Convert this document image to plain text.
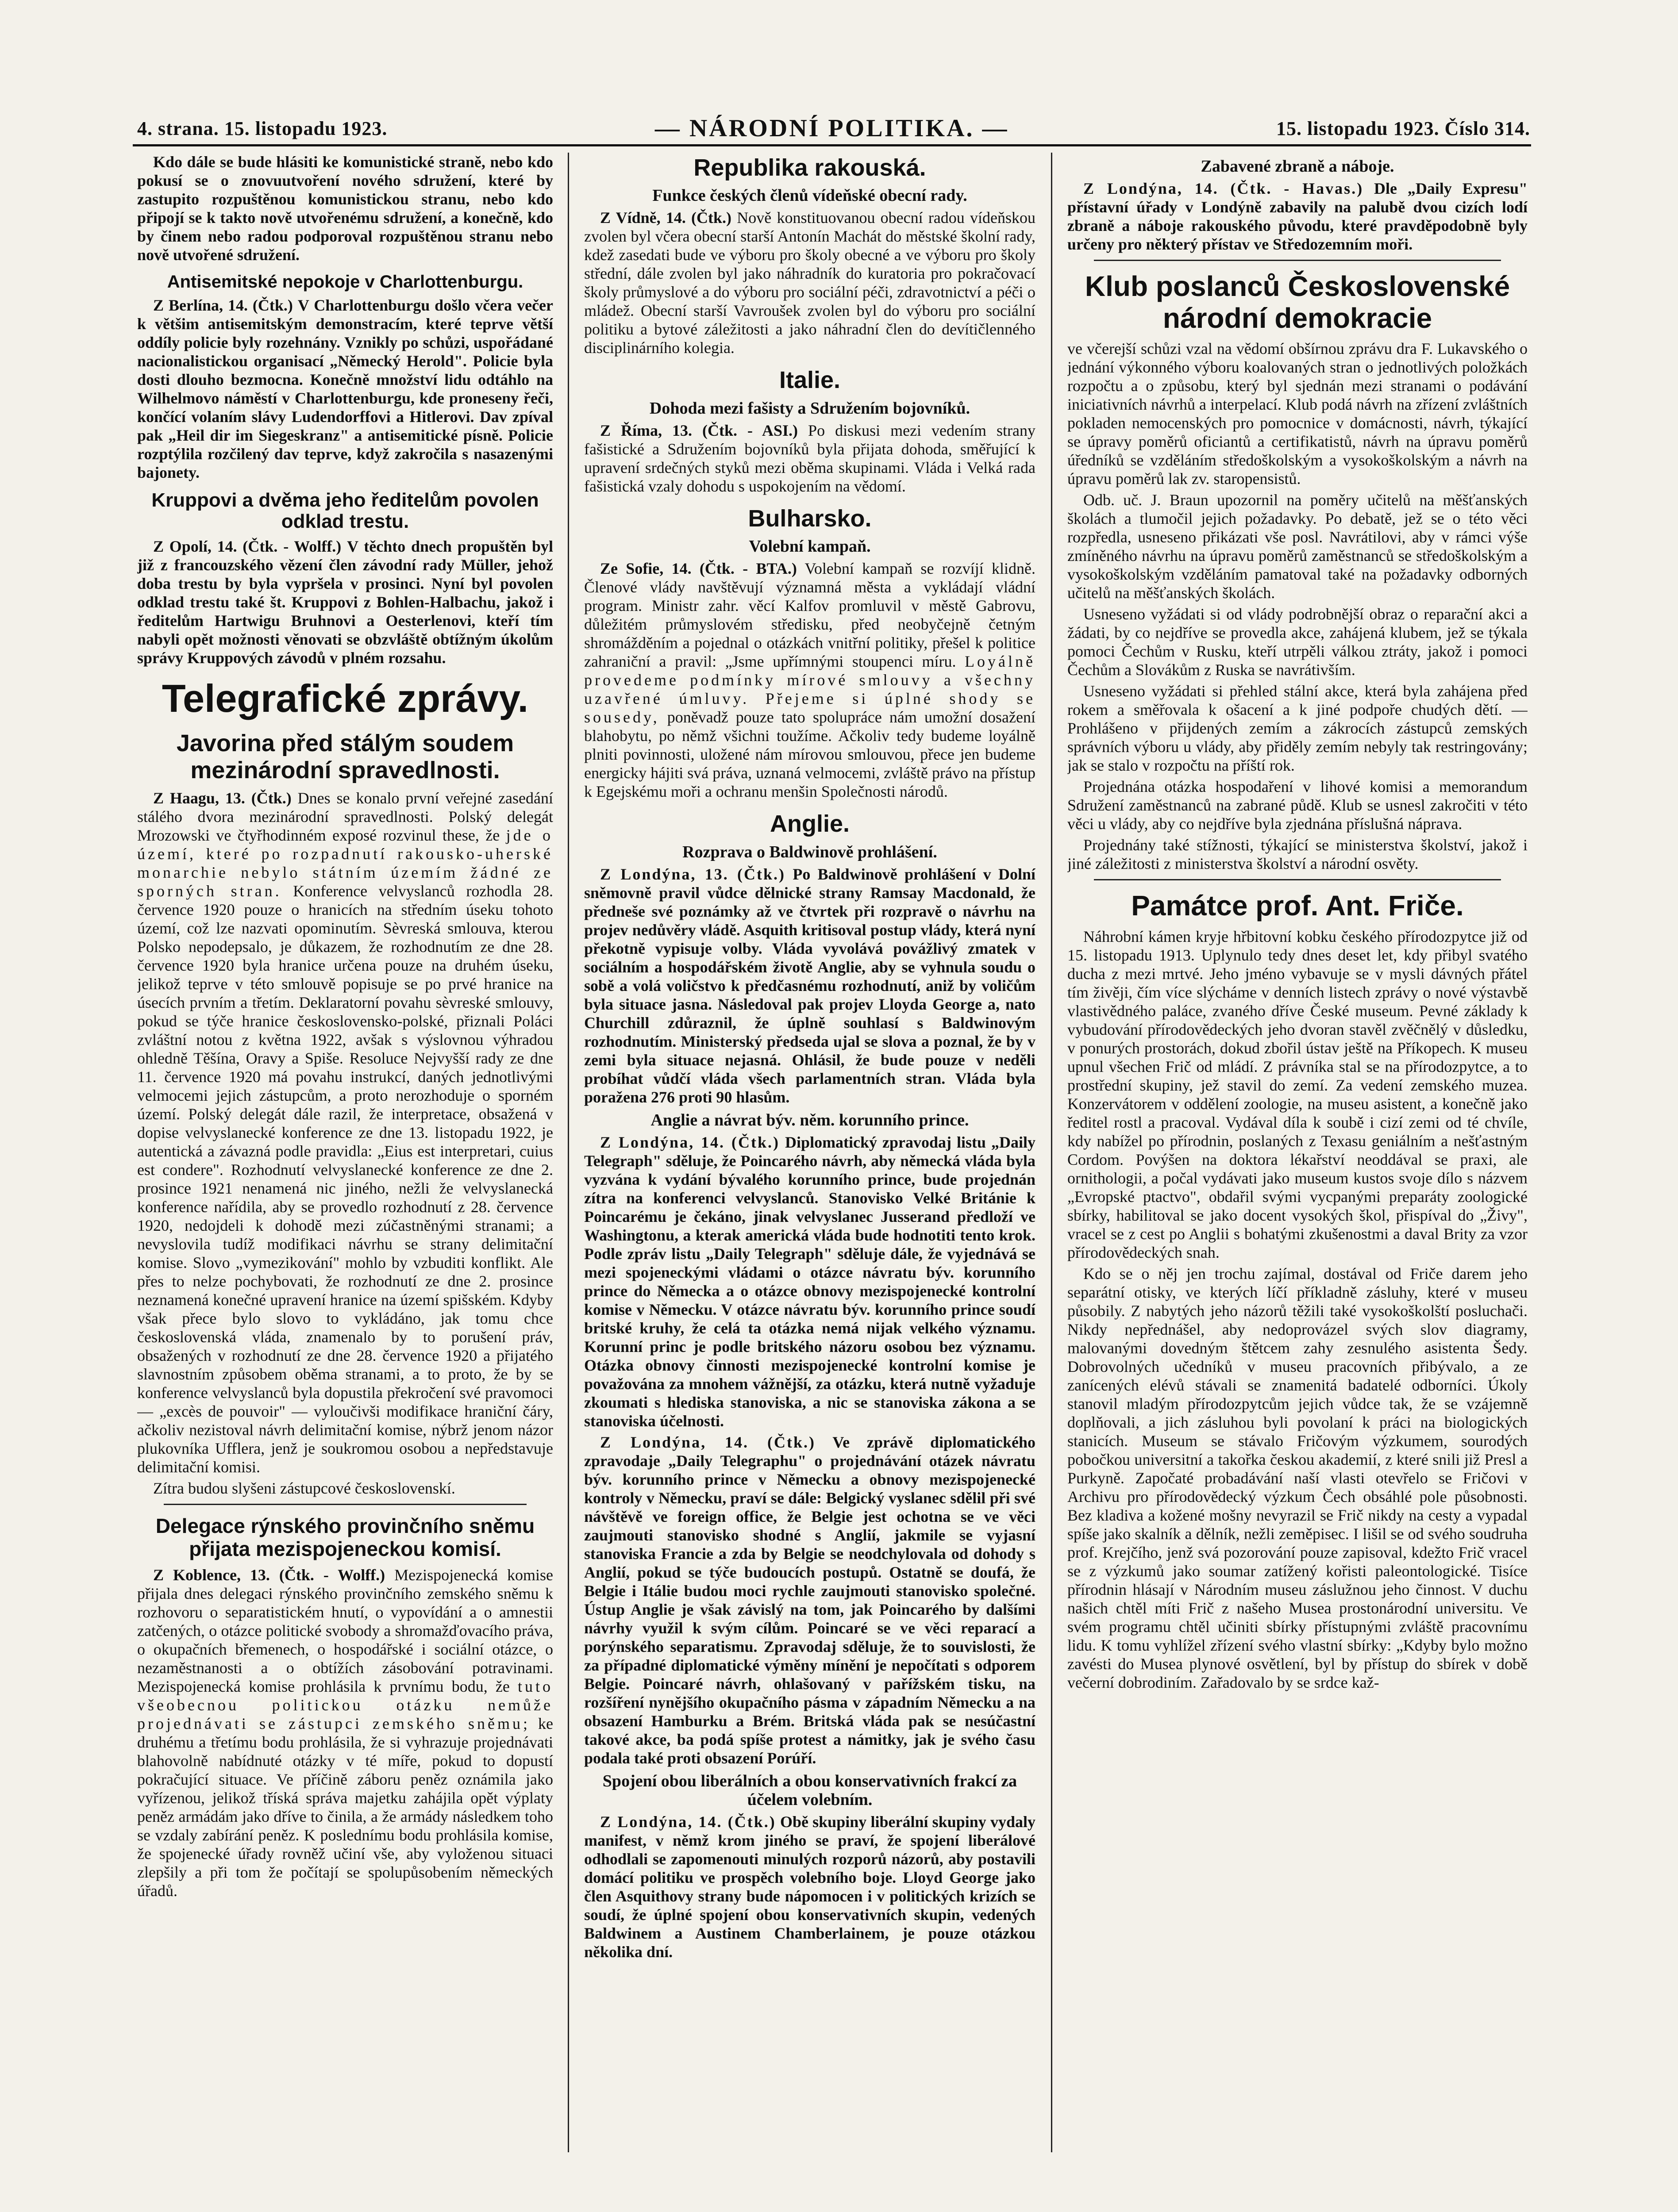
4. strana. 15. listopadu 1923.	— NÁRODNÍ POLITIKA. —	15. listopadu 1923. Číslo 314.

Kdo dále se bude hlásiti ke komunistické straně, nebo kdo pokusí se o znovuutvoření nového sdružení, které by zastupito rozpuštěnou komunistickou stranu, nebo kdo připojí se k takto nově utvořenému sdružení, a konečně, kdo by činem nebo radou podporoval rozpuštěnou stranu nebo nově utvořené sdružení.

Antisemitské nepokoje v Charlottenburgu.

Z Berlína, 14. (Čtk.) V Charlottenburgu došlo včera večer k většim antisemitským demonstracím, které teprve větší oddíly policie byly rozehnány. Vznikly po schůzi, uspořádané nacionalistickou organisací „Německý Herold". Policie byla dosti dlouho bezmocna. Konečně množství lidu odtáhlo na Wilhelmovo náměstí v Charlottenburgu, kde proneseny řeči, končící volaním slávy Ludendorffovi a Hitlerovi. Dav zpíval pak „Heil dir im Siegeskranz" a antisemitické písně. Policie rozptýlila rozčilený dav teprve, když zakročila s nasazenými bajonety.

Kruppovi a dvěma jeho ředitelům povolen odklad trestu.

Z Opolí, 14. (Čtk. - Wolff.) V těchto dnech propuštěn byl již z francouzského vězení člen závodní rady Müller, jehož doba trestu by byla vypršela v prosinci. Nyní byl povolen odklad trestu také št. Kruppovi z Bohlen-Halbachu, jakož i ředitelům Hartwigu Bruhnovi a Oesterlenovi, kteří tím nabyli opět možnosti věnovati se obzvláště obtížným úkolům správy Kruppových závodů v plném rozsahu.

Telegrafické zprávy.
Javorina před stálým soudem mezinárodní spravedlnosti.

Z Haagu, 13. (Čtk.) Dnes se konalo první veřejné zasedání stálého dvora mezinárodní spravedlnosti. Polský delegát Mrozowski ve čtyřhodinném exposé rozvinul these, že jde o území, které po rozpadnutí rakousko-uherské monarchie nebylo státním územím žádné ze sporných stran. Konference velvyslanců rozhodla 28. července 1920 pouze o hranicích na středním úseku tohoto území, což lze nazvati opominutím. Sèvreská smlouva, kterou Polsko nepodepsalo, je důkazem, že rozhodnutím ze dne 28. července 1920 byla hranice určena pouze na druhém úseku, jelikož teprve v této smlouvě popisuje se po prvé hranice na úsecích prvním a třetím. Deklaratorní povahu sèvreské smlouvy, pokud se týče hranice československo-polské, přiznali Poláci zvláštní notou z května 1922, avšak s výslovnou výhradou ohledně Těšína, Oravy a Spiše. Resoluce Nejvyšší rady ze dne 11. července 1920 má povahu instrukcí, daných jednotlivými velmocemi jejich zástupcům, a proto nerozhoduje o sporném území. Polský delegát dále razil, že interpretace, obsažená v dopise velvyslanecké konference ze dne 13. listopadu 1922, je autentická a závazná podle pravidla: „Eius est interpretari, cuius est condere". Rozhodnutí velvyslanecké konference ze dne 2. prosince 1921 nenamená nic jiného, nežli že velvyslanecká konference nařídila, aby se provedlo rozhodnutí z 28. července 1920, nedojdeli k dohodě mezi zúčastněnými stranami; a nevyslovila tudíž modifikaci návrhu se strany delimitační komise. Slovo „vymezikování" mohlo by vzbuditi konflikt. Ale přes to nelze pochybovati, že rozhodnutí ze dne 2. prosince neznamená konečné upravení hranice na území spišském. Kdyby však přece bylo slovo to vykládáno, jak tomu chce československá vláda, znamenalo by to porušení práv, obsažených v rozhodnutí ze dne 28. července 1920 a přijatého slavnostním způsobem oběma stranami, a to proto, že by se konference velvyslanců byla dopustila překročení své pravomoci — „excès de pouvoir" — vyloučivši modifikace hraniční čáry, ačkoliv nezistoval návrh delimitační komise, nýbrž jenom názor plukovníka Ufflera, jenž je soukromou osobou a nepředstavuje delimitační komisi.

Zítra budou slyšeni zástupcové československí.

Delegace rýnského provinčního sněmu přijata mezispojeneckou komisí.

Z Koblence, 13. (Čtk. - Wolff.) Mezispojenecká komise přijala dnes delegaci rýnského provinčního zemského sněmu k rozhovoru o separatistickém hnutí, o vypovídání a o amnestii zatčených, o otázce politické svobody a shromažďovacího práva, o okupačních břemenech, o hospodářské i sociální otázce, o nezaměstnanosti a o obtížích zásobování potravinami. Mezispojenecká komise prohlásila k prvnímu bodu, že tuto všeobecnou politickou otázku nemůže projednávati se zástupci zemského sněmu; ke druhému a třetímu bodu prohlásila, že si vyhrazuje projednávati blahovolně nabídnuté otázky v té míře, pokud to dopustí pokračující situace. Ve příčině záboru peněz oznámila jako vyřízenou, jelikož tříská správa majetku zahájila opět výplaty peněz armádám jako dříve to činila, a že armády následkem toho se vzdaly zabírání peněz. K poslednímu bodu prohlásila komise, že spojenecké úřady rovněž učiní vše, aby vyloženou situaci zlepšily a při tom že počítají se spolupůsobením německých úřadů.

Republika rakouská.
Funkce českých členů vídeňské obecní rady.

Z Vídně, 14. (Čtk.) Nově konstituovanou obecní radou vídeňskou zvolen byl včera obecní starší Antonín Machát do městské školní rady, kdež zasedati bude ve výboru pro školy obecné a ve výboru pro školy střední, dále zvolen byl jako náhradník do kuratoria pro pokračovací školy průmyslové a do výboru pro sociální péči, zdravotnictví a péči o mládež. Obecní starší Vavroušek zvolen byl do výboru pro sociální politiku a bytové záležitosti a jako náhradní člen do devítičlenného disciplinárního kolegia.

Italie.
Dohoda mezi fašisty a Sdružením bojovníků.

Z Říma, 13. (Čtk. - ASI.) Po diskusi mezi vedením strany fašistické a Sdružením bojovníků byla přijata dohoda, směřující k upravení srdečných styků mezi oběma skupinami. Vláda i Velká rada fašistická vzaly dohodu s uspokojením na vědomí.

Bulharsko.
Volební kampaň.

Ze Sofie, 14. (Čtk. - BTA.) Volební kampaň se rozvíjí klidně. Členové vlády navštěvují významná města a vykládají vládní program. Ministr zahr. věcí Kalfov promluvil v městě Gabrovu, důležitém průmyslovém středisku, před neobyčejně četným shromážděním a pojednal o otázkách vnitřní politiky, přešel k politice zahraniční a pravil: „Jsme upřímnými stoupenci míru. Loyálně provedeme podmínky mírové smlouvy a všechny uzavřené úmluvy. Přejeme si úplné shody se sousedy, poněvadž pouze tato spolupráce nám umožní dosažení blahobytu, po němž všichni toužíme. Ačkoliv tedy budeme loyálně plniti povinnosti, uložené nám mírovou smlouvou, přece jen budeme energicky hájiti svá práva, uznaná velmocemi, zvláště právo na přístup k Egejskému moři a ochranu menšin Společnosti národů.

Anglie.
Rozprava o Baldwinově prohlášení.

Z Londýna, 13. (Čtk.) Po Baldwinově prohlášení v Dolní sněmovně pravil vůdce dělnické strany Ramsay Macdonald, že předneše své poznámky až ve čtvrtek při rozpravě o návrhu na projev nedůvěry vládě. Asquith kritisoval postup vlády, která nyní překotně vypisuje volby. Vláda vyvolává povážlivý zmatek v sociálním a hospodářském životě Anglie, aby se vyhnula soudu o sobě a volá voličstvo k předčasnému rozhodnutí, aniž by voličům byla situace jasna. Následoval pak projev Lloyda George a, nato Churchill zdůraznil, že úplně souhlasí s Baldwinovým rozhodnutím. Ministerský předseda ujal se slova a poznal, že by v zemi byla situace nejasná. Ohlásil, že bude pouze v neděli probíhat vůdčí vláda všech parlamentních stran. Vláda byla poražena 276 proti 90 hlasům.

Anglie a návrat býv. něm. korunního prince.

Z Londýna, 14. (Čtk.) Diplomatický zpravodaj listu „Daily Telegraph" sděluje, že Poincarého návrh, aby německá vláda byla vyzvána k vydání bývalého korunního prince, bude projednán zítra na konferenci velvyslanců. Stanovisko Velké Británie k Poincarému je čekáno, jinak velvyslanec Jusserand předloží ve Washingtonu, a kterak americká vláda bude hodnotiti tento krok. Podle zpráv listu „Daily Telegraph" sděluje dále, že vyjednává se mezi spojeneckými vládami o otázce návratu býv. korunního prince do Německa a o otázce obnovy mezispojenecké kontrolní komise v Německu. V otázce návratu býv. korunního prince soudí britské kruhy, že celá ta otázka nemá nijak velkého významu. Korunní princ je podle britského názoru osobou bez významu. Otázka obnovy činnosti mezispojenecké kontrolní komise je považována za mnohem vážnější, za otázku, která nutně vyžaduje zkoumati s hlediska stanoviska, a nic se stanoviska zákona a se stanoviska účelnosti.

Z Londýna, 14. (Čtk.) Ve zprávě diplomatického zpravodaje „Daily Telegraphu" o projednávání otázek návratu býv. korunního prince v Německu a obnovy mezispojenecké kontroly v Německu, praví se dále: Belgický vyslanec sdělil při své návštěvě ve foreign office, že Belgie jest ochotna se ve věci zaujmouti stanovisko shodné s Anglií, jakmile se vyjasní stanoviska Francie a zda by Belgie se neodchylovala od dohody s Anglií, pokud se týče budoucích postupů. Ostatně se doufá, že Belgie i Itálie budou moci rychle zaujmouti stanovisko společné. Ústup Anglie je však závislý na tom, jak Poincarého by dalšími návrhy využil k svým cílům. Poincaré se ve věci reparací a porýnského separatismu. Zpravodaj sděluje, že to souvislosti, že za případné diplomatické výměny mínění je nepočítati s odporem Belgie. Poincaré návrh, ohlašovaný v pařížském tisku, na rozšíření nynějšího okupačního pásma v západním Německu a na obsazení Hamburku a Brém. Britská vláda pak se nesúčastní takové akce, ba podá spíše protest a námitky, jak je svého času podala také proti obsazení Porúří.

Spojení obou liberálních a obou konservativních frakcí za účelem volebním.

Z Londýna, 14. (Čtk.) Obě skupiny liberální skupiny vydaly manifest, v němž krom jiného se praví, že spojení liberálové odhodlali se zapomenouti minulých rozporů názorů, aby postavili domácí politiku ve prospěch volebního boje. Lloyd George jako člen Asquithovy strany bude nápomocen i v politických krizích se soudí, že úplné spojení obou konservativních skupin, vedených Baldwinem a Austinem Chamberlainem, je pouze otázkou několika dní.

Zabavené zbraně a náboje.

Z Londýna, 14. (Čtk. - Havas.) Dle „Daily Expresu" přístavní úřady v Londýně zabavily na palubě dvou cizích lodí zbraně a náboje rakouského původu, které pravděpodobně byly určeny pro některý přístav ve Středozemním moři.

Klub poslanců Československé národní demokracie

ve včerejší schůzi vzal na vědomí obšírnou zprávu dra F. Lukavského o jednání výkonného výboru koalovaných stran o jednotlivých položkách rozpočtu a o způsobu, který byl sjednán mezi stranami o podávání iniciativních návrhů a interpelací. Klub podá návrh na zřízení zvláštních pokladen nemocenských pro pomocnice v domácnosti, návrh, týkající se úpravy poměrů oficiantů a certifikatistů, návrh na úpravu poměrů úředníků se vzděláním středoškolským a vysokoškolským a návrh na úpravu poměrů lak zv. staropensistů.

Odb. uč. J. Braun upozornil na poměry učitelů na měšťanských školách a tlumočil jejich požadavky. Po debatě, jež se o této věci rozpředla, usneseno přikázati vše posl. Navrátilovi, aby v rámci výše zmíněného návrhu na úpravu poměrů zaměstnanců se středoškolským a vysokoškolským vzděláním pamatoval také na požadavky odborných učitelů na měšťanských školách.

Usneseno vyžádati si od vlády podrobnější obraz o reparační akci a žádati, by co nejdříve se provedla akce, zahájená klubem, jež se týkala pomoci Čechům v Rusku, kteří utrpěli válkou ztráty, jakož i pomoci Čechům a Slovákům z Ruska se navrátivším.

Usneseno vyžádati si přehled stální akce, která byla zahájena před rokem a směřovala k ošacení a k jiné podpoře chudých dětí. — Prohlášeno v přijdených zemím a zákrocích zástupců zemských správních výboru u vlády, aby přiděly zemím nebyly tak restringovány; jak se stalo v rozpočtu na příští rok.

Projednána otázka hospodaření v lihové komisi a memorandum Sdružení zaměstnanců na zabrané půdě. Klub se usnesl zakročiti v této věci u vlády, aby co nejdříve byla zjednána příslušná náprava.

Projednány také stížnosti, týkající se ministerstva školství, jakož i jiné záležitosti z ministerstva školství a národní osvěty.

Památce prof. Ant. Friče.

Náhrobní kámen kryje hřbitovní kobku českého přírodozpytce již od 15. listopadu 1913. Uplynulo tedy dnes deset let, kdy přibyl svatého ducha z mezi mrtvé. Jeho jméno vybavuje se v mysli dávných přátel tím živěji, čím více slýcháme v denních listech zprávy o nové výstavbě vlastivědného paláce, zvaného dříve České museum. Pevné základy k vybudování přírodovědeckých jeho dvoran stavěl zvěčnělý v důsledku, v ponurých prostorách, dokud zbořil ústav ještě na Příkopech. K museu upnul všechen Frič od mládí. Z právníka stal se na přírodozpytce, a to prostřední skupiny, jež stavil do zemí. Za vedení zemského muzea. Konzervátorem v oddělení zoologie, na museu asistent, a konečně jako ředitel rostl a pracoval. Vydával díla k soubě i cizí zemi od té chvíle, kdy nabížel po přírodnin, poslaných z Texasu geniálním a nešťastným Cordom. Povýšen na doktora lékařství neoddával se praxi, ale ornithologii, a počal vydávati jako museum kustos svoje dílo s názvem „Evropské ptactvo", obdařil svými vycpanými preparáty zoologické sbírky, habilitoval se jako docent vysokých škol, přispíval do „Živy", vracel se z cest po Anglii s bohatými zkušenostmi a daval Brity za vzor přírodovědeckých snah.

Kdo se o něj jen trochu zajímal, dostával od Friče darem jeho separátní otisky, ve kterých líčí příkladně zásluhy, které v museu působily. Z nabytých jeho názorů těžili také vysokoškolští posluchači. Nikdy nepřednášel, aby nedoprovázel svých slov diagramy, malovanými dovedným štětcem zahy zesnulého asistenta Šedy. Dobrovolných učedníků v museu pracovních přibývalo, a ze zanícených elévů stávali se znamenitá badatelé odborníci. Úkoly stanovil mladým přírodozpytcům jejich vůdce tak, že se vzájemně doplňovali, a jich zásluhou byli povolaní k práci na biologických stanicích. Museum se stávalo Fričovým výzkumem, sourodých pobočkou universitní a takořka českou akademií, z které snili již Presl a Purkyně. Započaté probadávání naší vlasti otevřelo se Fričovi v Archivu pro přírodovědecký výzkum Čech obsáhlé pole působnosti. Bez kladiva a kožené mošny nevyrazil se Frič nikdy na cesty a vypadal spíše jako skalník a dělník, nežli zeměpisec. I lišil se od svého soudruha prof. Krejčího, jenž svá pozorování pouze zapisoval, kdežto Frič vracel se z výzkumů jako soumar zatížený kořisti paleontologické. Tisíce přírodnin hlásají v Národním museu záslužnou jeho činnost. V duchu našich chtěl míti Frič z našeho Musea prostonárodní universitu. Ve svém programu chtěl učiniti sbírky přístupnými zvláště pracovnímu lidu. K tomu vyhlížel zřízení svého vlastní sbírky: „Kdyby bylo možno zavésti do Musea plynové osvětlení, byl by přístup do sbírek v době večerní dobrodiním. Zařadovalo by se srdce kaž-
